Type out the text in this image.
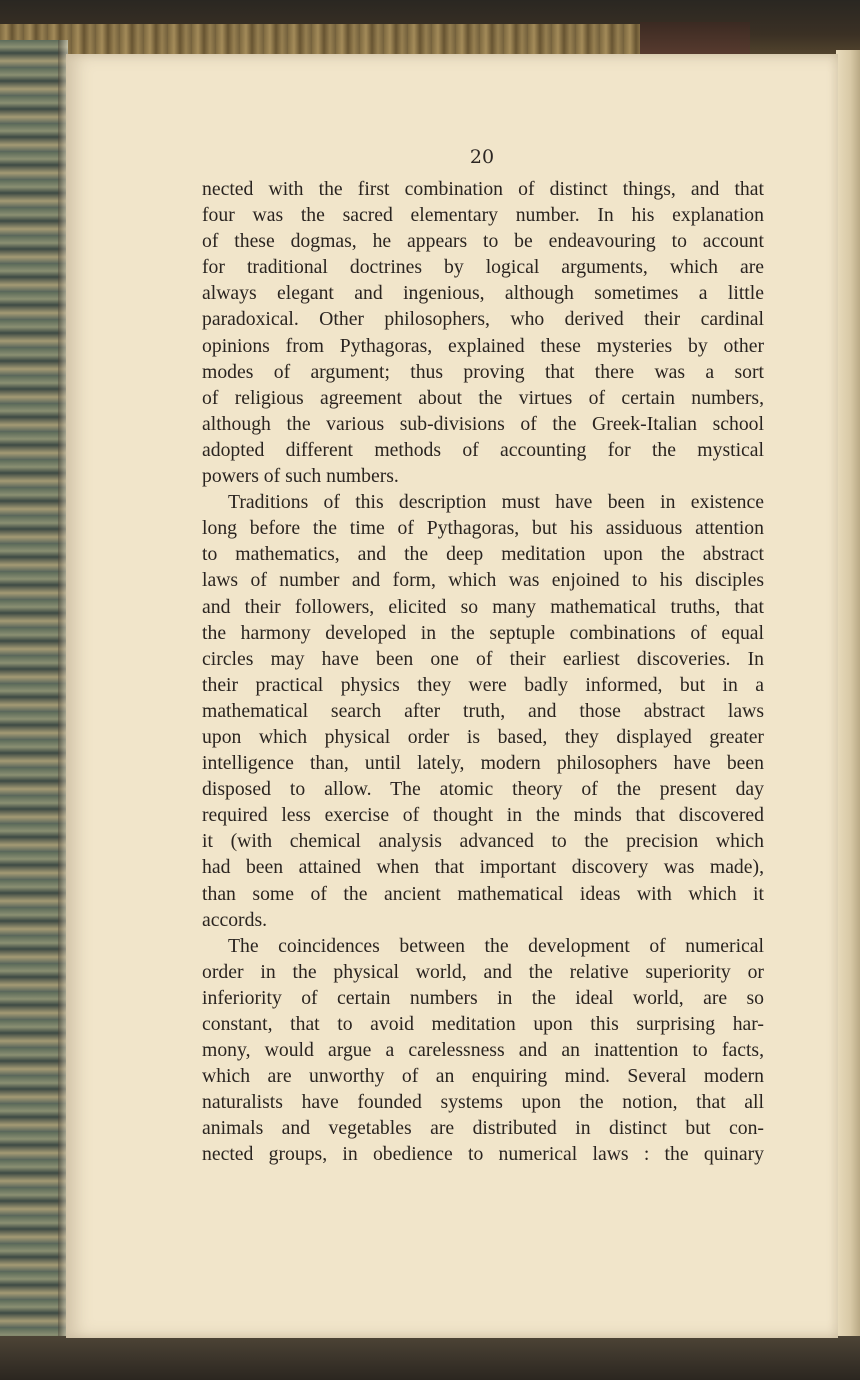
20
nected with the first combination of distinct things, and that
four was the sacred elementary number. In his explanation
of these dogmas, he appears to be endeavouring to account
for traditional doctrines by logical arguments, which are
always elegant and ingenious, although sometimes a little
paradoxical. Other philosophers, who derived their cardinal
opinions from Pythagoras, explained these mysteries by other
modes of argument; thus proving that there was a sort
of religious agreement about the virtues of certain numbers,
although the various sub-divisions of the Greek-Italian school
adopted different methods of accounting for the mystical
powers of such numbers.
Traditions of this description must have been in existence
long before the time of Pythagoras, but his assiduous attention
to mathematics, and the deep meditation upon the abstract
laws of number and form, which was enjoined to his disciples
and their followers, elicited so many mathematical truths, that
the harmony developed in the septuple combinations of equal
circles may have been one of their earliest discoveries. In
their practical physics they were badly informed, but in a
mathematical search after truth, and those abstract laws
upon which physical order is based, they displayed greater
intelligence than, until lately, modern philosophers have been
disposed to allow. The atomic theory of the present day
required less exercise of thought in the minds that discovered
it (with chemical analysis advanced to the precision which
had been attained when that important discovery was made),
than some of the ancient mathematical ideas with which it
accords.
The coincidences between the development of numerical
order in the physical world, and the relative superiority or
inferiority of certain numbers in the ideal world, are so
constant, that to avoid meditation upon this surprising har-
mony, would argue a carelessness and an inattention to facts,
which are unworthy of an enquiring mind. Several modern
naturalists have founded systems upon the notion, that all
animals and vegetables are distributed in distinct but con-
nected groups, in obedience to numerical laws : the quinary
